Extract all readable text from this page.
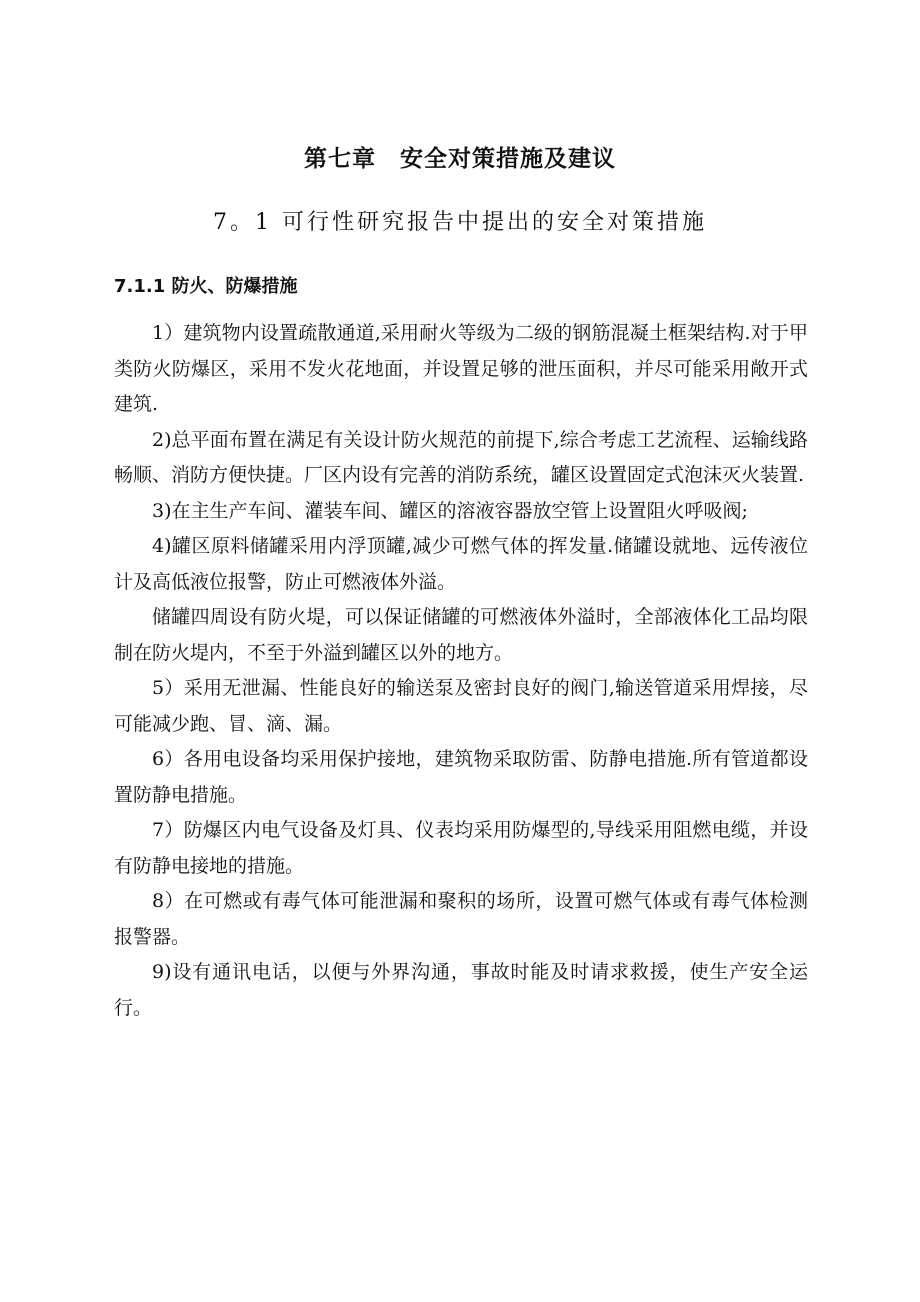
第七章　安全对策措施及建议
7。1 可行性研究报告中提出的安全对策措施
7.1.1 防火、防爆措施

1）建筑物内设置疏散通道,采用耐火等级为二级的钢筋混凝土框架结构.对于甲类防火防爆区，采用不发火花地面，并设置足够的泄压面积，并尽可能采用敞开式建筑.

2)总平面布置在满足有关设计防火规范的前提下,综合考虑工艺流程、运输线路畅顺、消防方便快捷。厂区内设有完善的消防系统，罐区设置固定式泡沫灭火装置.

3)在主生产车间、灌装车间、罐区的溶液容器放空管上设置阻火呼吸阀;

4)罐区原料储罐采用内浮顶罐,减少可燃气体的挥发量.储罐设就地、远传液位计及高低液位报警，防止可燃液体外溢。

储罐四周设有防火堤，可以保证储罐的可燃液体外溢时，全部液体化工品均限制在防火堤内，不至于外溢到罐区以外的地方。

5）采用无泄漏、性能良好的输送泵及密封良好的阀门,输送管道采用焊接，尽可能减少跑、冒、滴、漏。

6）各用电设备均采用保护接地，建筑物采取防雷、防静电措施.所有管道都设置防静电措施。

7）防爆区内电气设备及灯具、仪表均采用防爆型的,导线采用阻燃电缆，并设有防静电接地的措施。

8）在可燃或有毒气体可能泄漏和聚积的场所，设置可燃气体或有毒气体检测报警器。

9)设有通讯电话，以便与外界沟通，事故时能及时请求救援，使生产安全运行。
